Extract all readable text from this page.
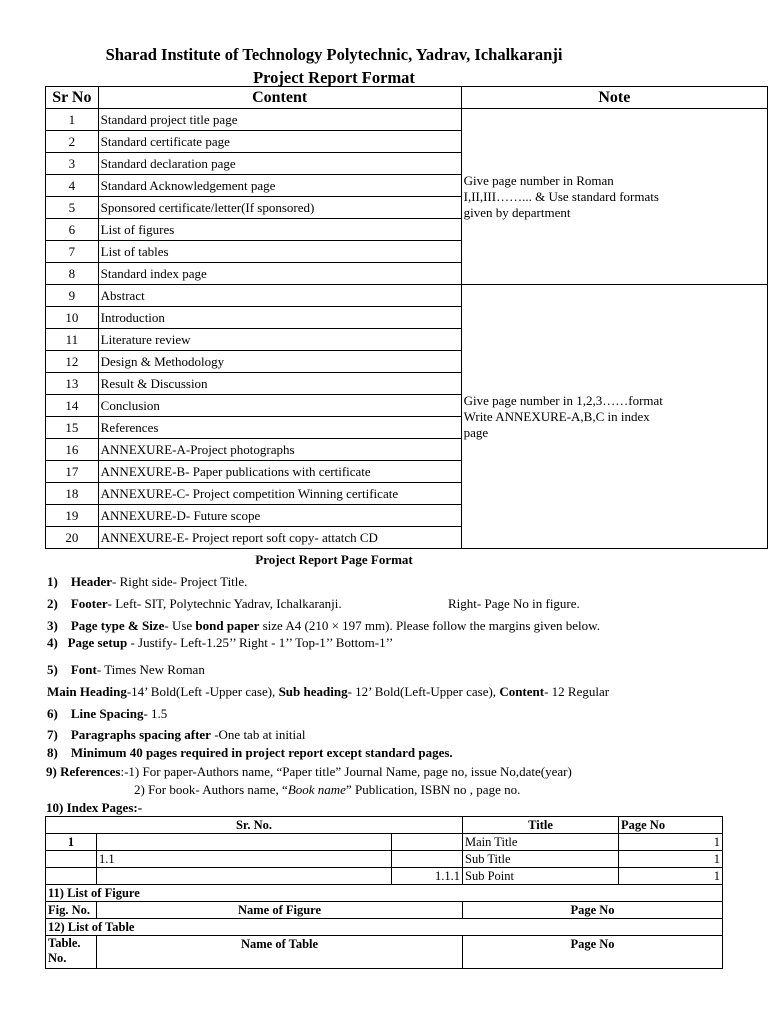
Sharad Institute of Technology Polytechnic, Yadrav, Ichalkaranji
Project Report Format
Sr No	Content	Note
1	Standard project title page	Give page number in Roman
I,II,III……... & Use standard formats
given by department

2	Standard certificate page	
3	Standard declaration page	
4	Standard Acknowledgement page	
5	Sponsored certificate/letter(If sponsored)	
6	List of figures	
7	List of tables	
8	Standard index page	
9	Abstract	Give page number in 1,2,3……format
Write ANNEXURE-A,B,C in index
page

10	Introduction	
11	Literature review	
12	Design & Methodology	
13	Result & Discussion	
14	Conclusion	
15	References	
16	ANNEXURE-A-Project photographs	
17	ANNEXURE-B- Paper publications with certificate	
18	ANNEXURE-C- Project competition Winning certificate	
19	ANNEXURE-D- Future scope	
20	ANNEXURE-E- Project report soft copy- attatch CD	
Project Report Page Format
1) Header- Right side- Project Title.
2) Footer- Left- SIT, Polytechnic Yadrav, Ichalkaranji.	Right- Page No in figure.
3) Page type & Size- Use bond paper size A4 (210 × 197 mm). Please follow the margins given below.
4) Page setup - Justify- Left-1.25’’ Right - 1’’ Top-1’’ Bottom-1’’
5) Font- Times New Roman
Main Heading-14’ Bold(Left -Upper case), Sub heading- 12’ Bold(Left-Upper case), Content- 12 Regular
6) Line Spacing- 1.5
7) Paragraphs spacing after -One tab at initial
8) Minimum 40 pages required in project report except standard pages.
9) References:-1) For paper-Authors name, “Paper title” Journal Name, page no, issue No,date(year)
2) For book- Authors name, “Book name” Publication, ISBN no , page no.
10) Index Pages:-
Sr. No.			Title	Page No
1			Main Title	1
	1.1		Sub Title	1
		1.1.1	Sub Point	1
11) List of Figure				
Fig. No.	Name of Figure		Page No	
12) List of Table				
Table. No.	Name of Table		Page No	
